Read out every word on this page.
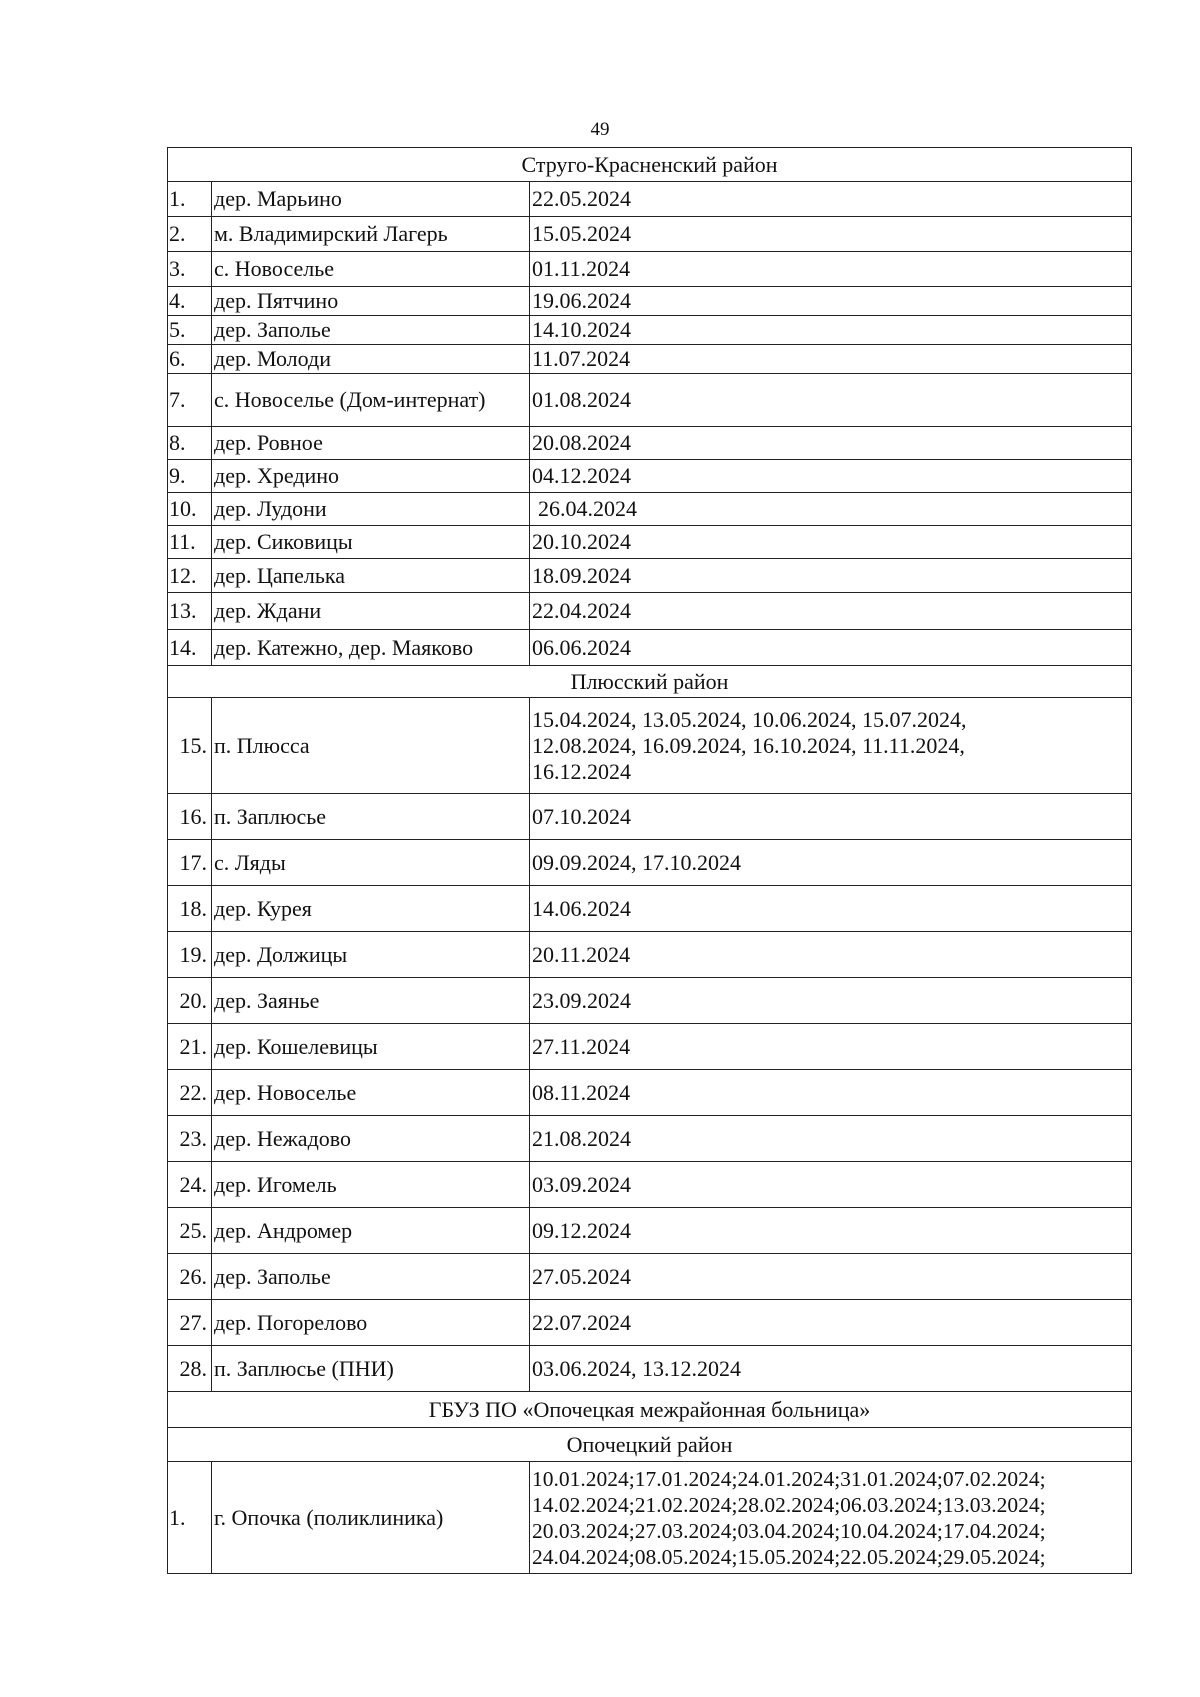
49
Струго-Красненский район		
1.	дер. Марьино	22.05.2024
2.	м. Владимирский Лагерь	15.05.2024
3.	с. Новоселье	01.11.2024
4.	дер. Пятчино	19.06.2024
5.	дер. Заполье	14.10.2024
6.	дер. Молоди	11.07.2024
7.	с. Новоселье (Дом-интернат)	01.08.2024
8.	дер. Ровное	20.08.2024
9.	дер. Хредино	04.12.2024
10.	дер. Лудони	26.04.2024
11.	дер. Сиковицы	20.10.2024
12.	дер. Цапелька	18.09.2024
13.	дер. Ждани	22.04.2024
14.	дер. Катежно, дер. Маяково	06.06.2024
Плюсский район		
15.	п. Плюсса	15.04.2024, 13.05.2024, 10.06.2024, 15.07.2024, 12.08.2024, 16.09.2024, 16.10.2024, 11.11.2024, 16.12.2024
16.	п. Заплюсье	07.10.2024
17.	с. Ляды	09.09.2024, 17.10.2024
18.	дер. Курея	14.06.2024
19.	дер. Должицы	20.11.2024
20.	дер. Заянье	23.09.2024
21.	дер. Кошелевицы	27.11.2024
22.	дер. Новоселье	08.11.2024
23.	дер. Нежадово	21.08.2024
24.	дер. Игомель	03.09.2024
25.	дер. Андромер	09.12.2024
26.	дер. Заполье	27.05.2024
27.	дер. Погорелово	22.07.2024
28.	п. Заплюсье (ПНИ)	03.06.2024, 13.12.2024
ГБУЗ ПО «Опочецкая межрайонная больница»		
Опочецкий район		
1.	г. Опочка (поликлиника)	10.01.2024;17.01.2024;24.01.2024;31.01.2024;07.02.2024; 14.02.2024;21.02.2024;28.02.2024;06.03.2024;13.03.2024; 20.03.2024;27.03.2024;03.04.2024;10.04.2024;17.04.2024; 24.04.2024;08.05.2024;15.05.2024;22.05.2024;29.05.2024;
